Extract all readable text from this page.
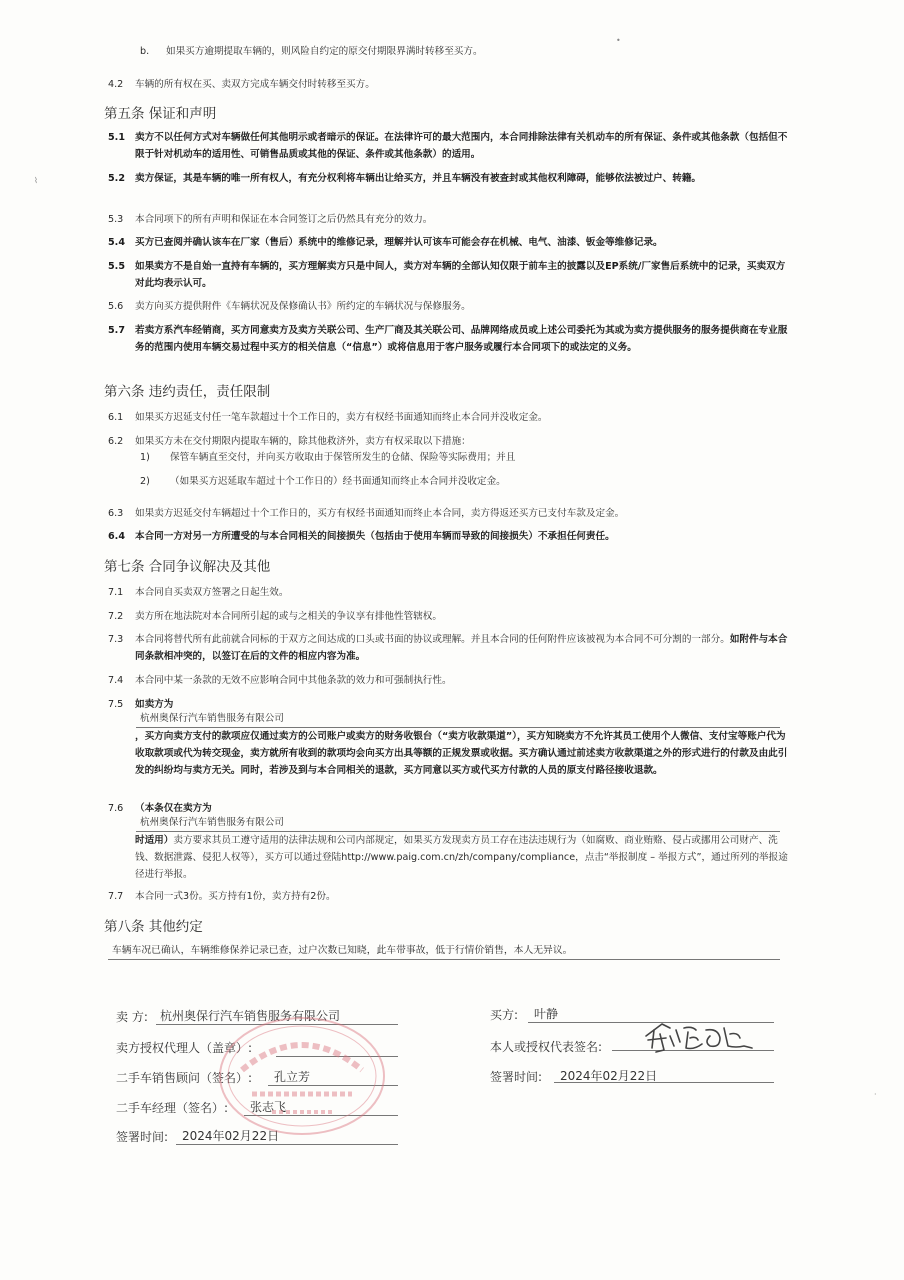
b. 如果买方逾期提取车辆的，则风险自约定的原交付期限界满时转移至买方。
4.2	车辆的所有权在买、卖双方完成车辆交付时转移至买方。
第五条 保证和声明
5.1	卖方不以任何方式对车辆做任何其他明示或者暗示的保证。在法律许可的最大范围内，本合同排除法律有关机动车的所有保证、条件或其他条款（包括但不限于针对机动车的适用性、可销售品质或其他的保证、条件或其他条款）的适用。
5.2	卖方保证，其是车辆的唯一所有权人，有充分权利将车辆出让给买方，并且车辆没有被查封或其他权利障碍，能够依法被过户、转籍。
5.3	本合同项下的所有声明和保证在本合同签订之后仍然具有充分的效力。
5.4	买方已查阅并确认该车在厂家（售后）系统中的维修记录，理解并认可该车可能会存在机械、电气、油漆、钣金等维修记录。
5.5	如果卖方不是自始一直持有车辆的，买方理解卖方只是中间人，卖方对车辆的全部认知仅限于前车主的披露以及EP系统/厂家售后系统中的记录，买卖双方对此均表示认可。
5.6	卖方向买方提供附件《车辆状况及保修确认书》所约定的车辆状况与保修服务。
5.7	若卖方系汽车经销商，买方同意卖方及卖方关联公司、生产厂商及其关联公司、品牌网络成员或上述公司委托为其或为卖方提供服务的服务提供商在专业服务的范围内使用车辆交易过程中买方的相关信息（“信息”）或将信息用于客户服务或履行本合同项下的或法定的义务。
第六条 违约责任，责任限制
6.1	如果买方迟延支付任一笔车款超过十个工作日的，卖方有权经书面通知而终止本合同并没收定金。
6.2	如果买方未在交付期限内提取车辆的，除其他救济外，卖方有权采取以下措施：
1) 保管车辆直至交付，并向买方收取由于保管所发生的仓储、保险等实际费用；并且
2) （如果买方迟延取车超过十个工作日的）经书面通知而终止本合同并没收定金。
6.3	如果卖方迟延交付车辆超过十个工作日的，买方有权经书面通知而终止本合同，卖方得返还买方已支付车款及定金。
6.4	本合同一方对另一方所遭受的与本合同相关的间接损失（包括由于使用车辆而导致的间接损失）不承担任何责任。
第七条 合同争议解决及其他
7.1	本合同自买卖双方签署之日起生效。
7.2	卖方所在地法院对本合同所引起的或与之相关的争议享有排他性管辖权。
7.3	本合同将替代所有此前就合同标的于双方之间达成的口头或书面的协议或理解。并且本合同的任何附件应该被视为本合同不可分割的一部分。如附件与本合同条款相冲突的，以签订在后的文件的相应内容为准。
7.4	本合同中某一条款的无效不应影响合同中其他条款的效力和可强制执行性。
7.5	如卖方为
杭州奥保行汽车销售服务有限公司
，买方向卖方支付的款项应仅通过卖方的公司账户或卖方的财务收银台（“卖方收款渠道”），买方知晓卖方不允许其员工使用个人微信、支付宝等账户代为收取款项或代为转交现金，卖方就所有收到的款项均会向买方出具等额的正规发票或收据。买方确认通过前述卖方收款渠道之外的形式进行的付款及由此引发的纠纷均与卖方无关。同时，若涉及到与本合同相关的退款，买方同意以买方或代买方付款的人员的原支付路径接收退款。
7.6	（本条仅在卖方为
杭州奥保行汽车销售服务有限公司
时适用）卖方要求其员工遵守适用的法律法规和公司内部规定，如果买方发现卖方员工存在违法违规行为（如腐败、商业贿赂、侵占或挪用公司财产、洗钱、数据泄露、侵犯人权等），买方可以通过登陆http://www.paig.com.cn/zh/company/compliance，点击“举报制度 – 举报方式”，通过所列的举报途径进行举报。
7.7	本合同一式3份。买方持有1份，卖方持有2份。
第八条 其他约定
车辆车况已确认，车辆维修保养记录已查，过户次数已知晓，此车带事故，低于行情价销售，本人无异议。
卖 方: 杭州奥保行汽车销售服务有限公司
卖方授权代理人（盖章）:
二手车销售顾问（签名）: 孔立芳
二手车经理（签名）: 张志飞
签署时间: 2024年02月22日
买方: 叶静
本人或授权代表签名:
签署时间: 2024年02月22日
⌇
•
·
